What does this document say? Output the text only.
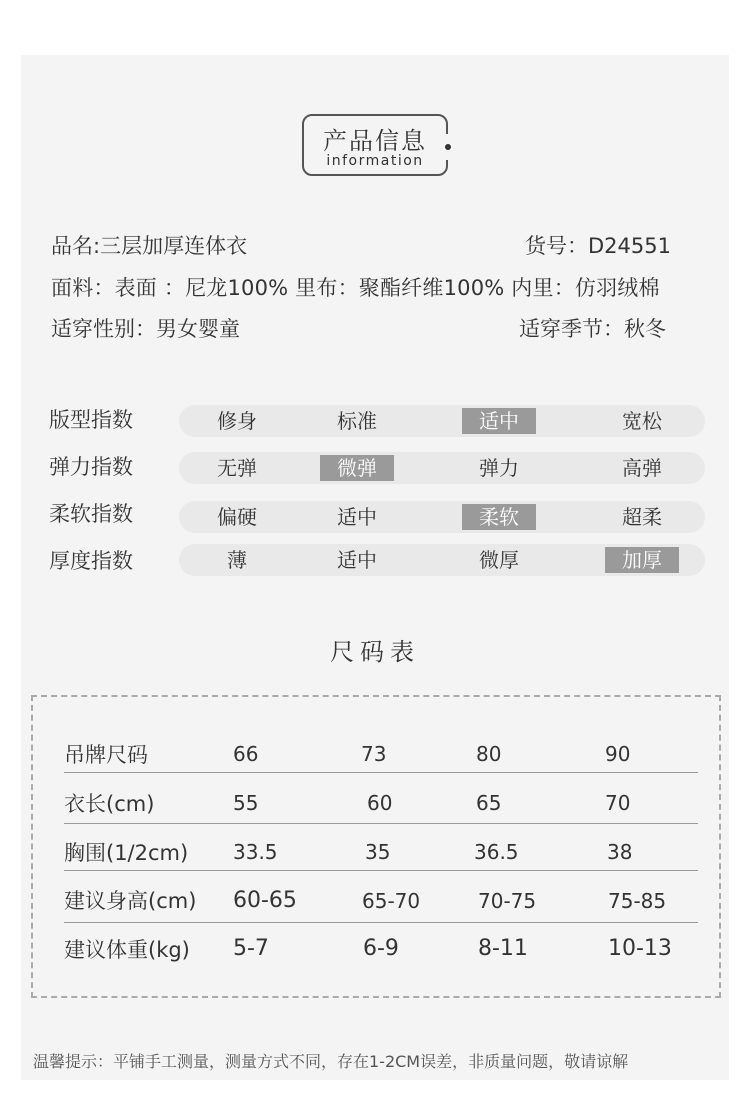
产品信息
information
品名:三层加厚连体衣	货号：D24551
面料：表面 ：尼龙100% 里布：聚酯纤维100% 内里：仿羽绒棉
适穿性别：男女婴童	适穿季节：秋冬
版型指数	修身	标准	适中	宽松
弹力指数	无弹	微弹	弹力	高弹
柔软指数	偏硬	适中	柔软	超柔
厚度指数	薄	适中	微厚	加厚
尺码表
吊牌尺码	66	73	80	90
衣长(cm)	55	60	65	70
胸围(1/2cm) 33.5	35	36.5	38
建议身高(cm) 60-65	65-70	70-75	75-85
建议体重(kg) 5-7	6-9	8-11	10-13
温馨提示：平铺手工测量，测量方式不同，存在1-2CM误差，非质量问题，敬请谅解
